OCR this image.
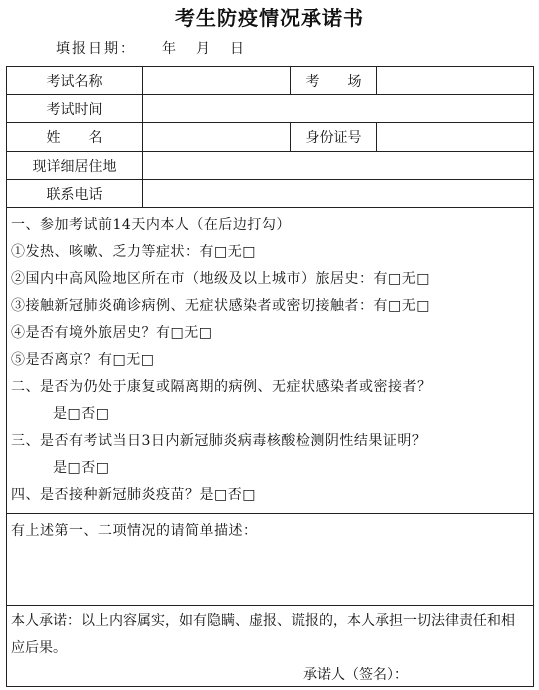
考生防疫情况承诺书
填报日期： 年 月 日
考试名称	考　　场
考试时间
姓　　名	身份证号
现详细居住地
联系电话
一、参加考试前14天内本人（在后边打勾）
①发热、咳嗽、乏力等症状：有□无□
②国内中高风险地区所在市（地级及以上城市）旅居史：有□无□
③接触新冠肺炎确诊病例、无症状感染者或密切接触者：有□无□
④是否有境外旅居史？有□无□
⑤是否离京？有□无□
二、是否为仍处于康复或隔离期的病例、无症状感染者或密接者？
是□否□
三、是否有考试当日3日内新冠肺炎病毒核酸检测阴性结果证明？
是□否□
四、是否接种新冠肺炎疫苗？是□否□
有上述第一、二项情况的请简单描述：
本人承诺：以上内容属实，如有隐瞒、虚报、谎报的，本人承担一切法律责任和相应后果。
承诺人（签名）：
